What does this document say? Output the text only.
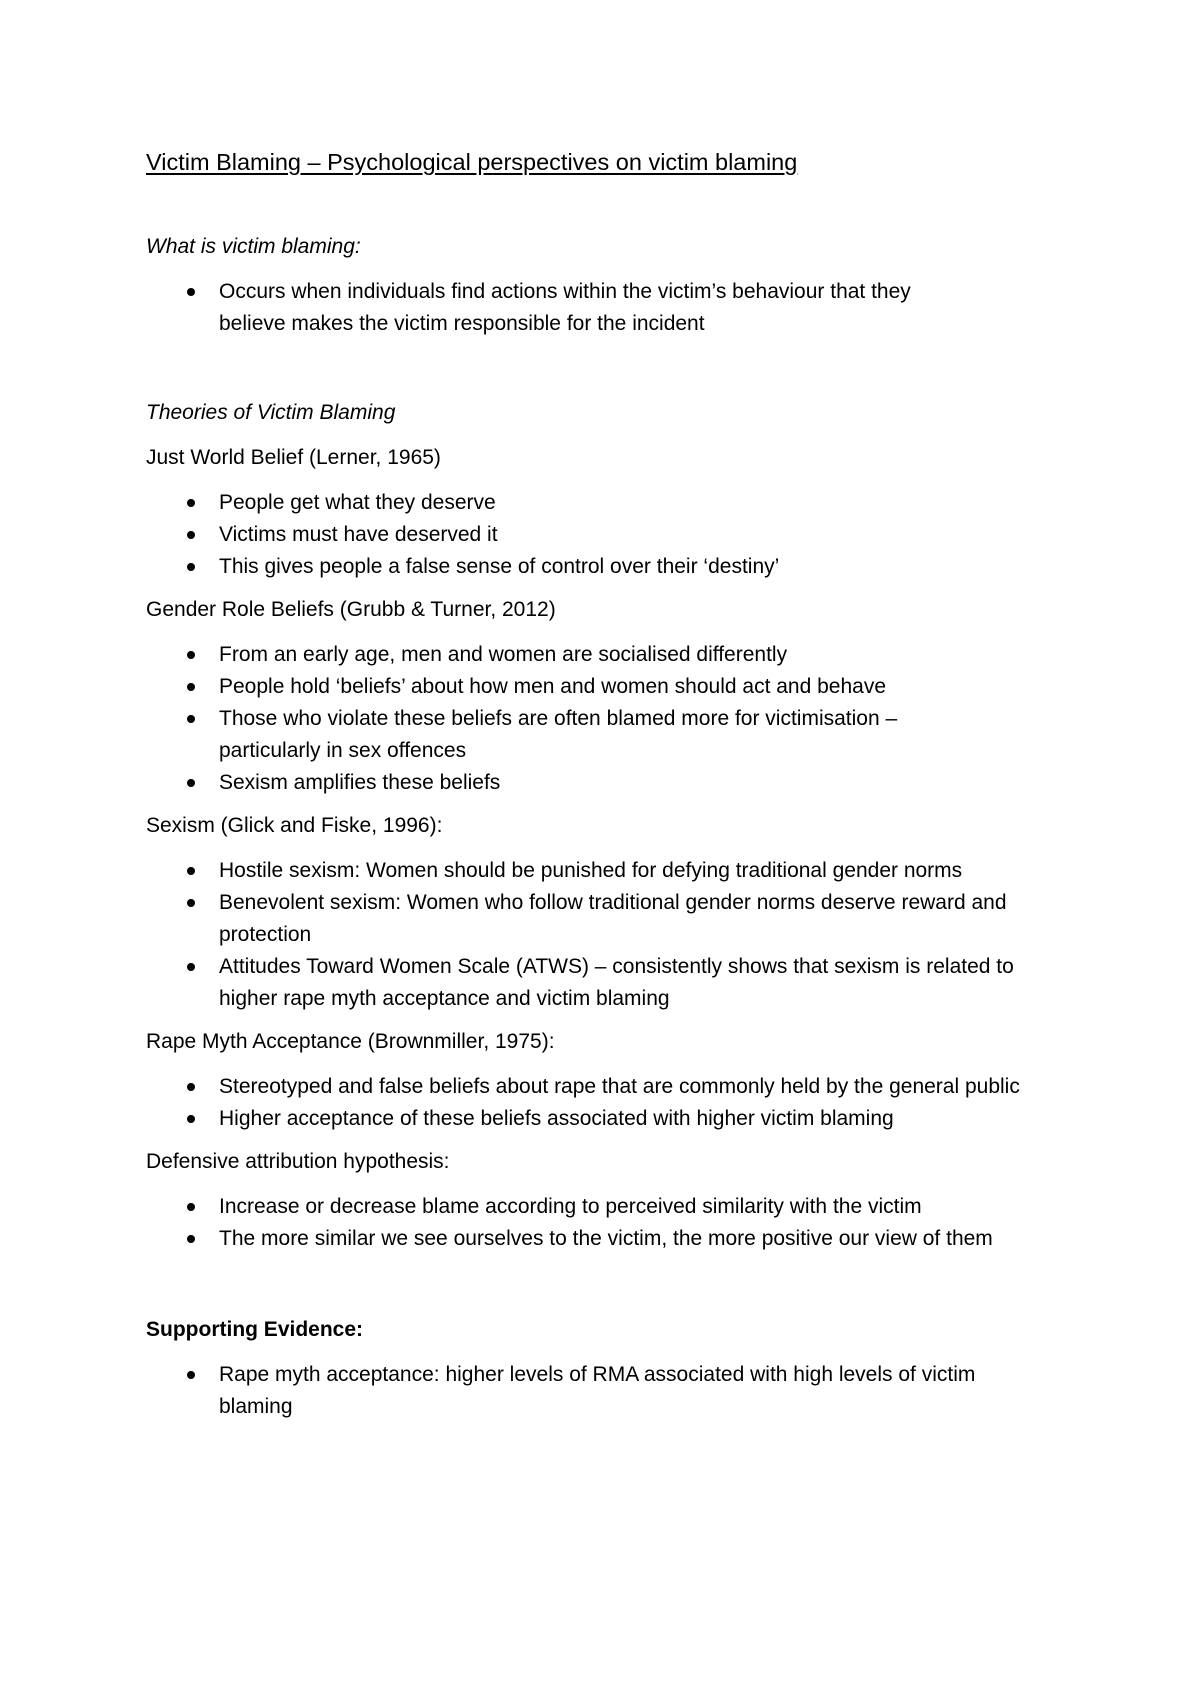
Victim Blaming – Psychological perspectives on victim blaming

What is victim blaming:

Occurs when individuals find actions within the victim’s behaviour that they believe makes the victim responsible for the incident

Theories of Victim Blaming

Just World Belief (Lerner, 1965)

People get what they deserve
Victims must have deserved it
This gives people a false sense of control over their ‘destiny’

Gender Role Beliefs (Grubb & Turner, 2012)

From an early age, men and women are socialised differently
People hold ‘beliefs’ about how men and women should act and behave
Those who violate these beliefs are often blamed more for victimisation – particularly in sex offences
Sexism amplifies these beliefs

Sexism (Glick and Fiske, 1996):

Hostile sexism: Women should be punished for defying traditional gender norms
Benevolent sexism: Women who follow traditional gender norms deserve reward and protection
Attitudes Toward Women Scale (ATWS) – consistently shows that sexism is related to higher rape myth acceptance and victim blaming

Rape Myth Acceptance (Brownmiller, 1975):

Stereotyped and false beliefs about rape that are commonly held by the general public
Higher acceptance of these beliefs associated with higher victim blaming

Defensive attribution hypothesis:

Increase or decrease blame according to perceived similarity with the victim
The more similar we see ourselves to the victim, the more positive our view of them

Supporting Evidence:

Rape myth acceptance: higher levels of RMA associated with high levels of victim blaming
